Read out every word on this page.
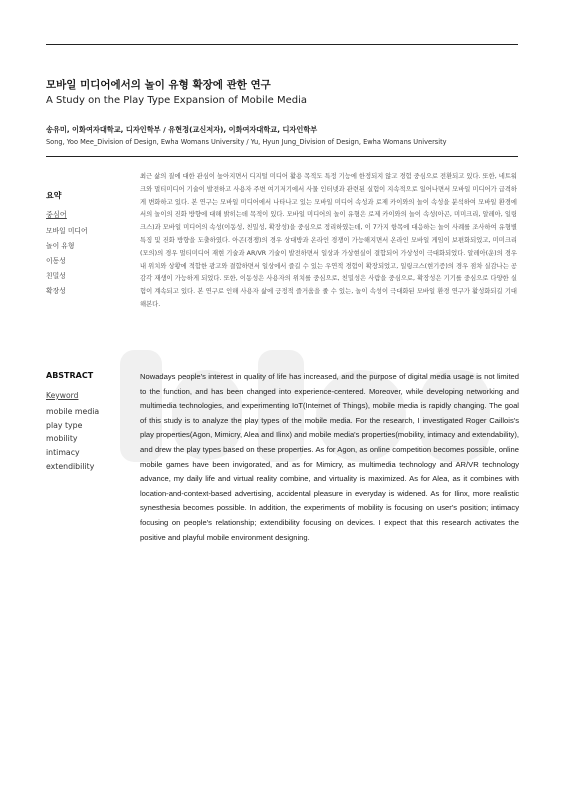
모바일 미디어에서의 놀이 유형 확장에 관한 연구
A Study on the Play Type Expansion of Mobile Media
송유미, 이화여자대학교, 디자인학부 / 유현정(교신저자), 이화여자대학교, 디자인학부
Song, Yoo Mee_Division of Design, Ewha Womans University / Yu, Hyun Jung_Division of Design, Ewha Womans University
요약
중심어
모바일 미디어
놀이 유형
이동성
친밀성
확장성

최근 삶의 질에 대한 관심이 높아지면서 디지털 미디어 활용 목적도 특정 기능에 한정되지 않고 경험 중심으로 전환되고 있다. 또한, 네트워크와 멀티미디어 기술이 발전하고 사용자 주변 여기저기에서 사물 인터넷과 관련된 실험이 지속적으로 일어나면서 모바일 미디어가 급격하게 변화하고 있다. 본 연구는 모바일 미디어에서 나타나고 있는 모바일 미디어 속성과 로제 카이와의 놀이 속성을 분석하여 모바일 환경에서의 놀이의 진화 방향에 대해 밝히는데 목적이 있다. 모바일 미디어의 놀이 유형은 로제 카이와의 놀이 속성(아곤, 미미크리, 알레아, 일링크스)과 모바일 미디어의 속성(이동성, 친밀성, 확장성)을 중심으로 정리하였는데, 이 7가지 항목에 대응하는 놀이 사례를 조사하여 유형별 특징 및 진화 방향을 도출하였다. 아곤(경쟁)의 경우 상대방과 온라인 경쟁이 가능해지면서 온라인 모바일 게임이 보편화되었고, 미미크리(모의)의 경우 멀티미디어 재현 기술과 AR/VR 기술이 발전하면서 일상과 가상현실이 결합되어 가상성이 극대화되었다. 알레아(운)의 경우 내 위치와 상황에 적합한 광고와 결합하면서 일상에서 즐길 수 있는 우연적 경험이 확장되었고, 일링크스(현기증)의 경우 점차 실감나는 공감각 재생이 가능하게 되었다. 또한, 이동성은 사용자의 위치를 중심으로, 친밀성은 사람을 중심으로, 확장성은 기기를 중심으로 다양한 실험이 계속되고 있다. 본 연구로 인해 사용자 삶에 긍정적 즐거움을 줄 수 있는, 놀이 속성이 극대화된 모바일 환경 연구가 활성화되길 기대해본다.

ABSTRACT
Keyword
mobile media
play type
mobility
intimacy
extendibility

Nowadays people's interest in quality of life has increased, and the purpose of digital media usage is not limited to the function, and has been changed into experience-centered. Moreover, while developing networking and multimedia technologies, and experimenting IoT(Internet of Things), mobile media is rapidly changing. The goal of this study is to analyze the play types of the mobile media. For the research, I investigated Roger Caillois's play properties(Agon, Mimicry, Alea and Ilinx) and mobile media's properties(mobility, intimacy and extendability), and drew the play types based on these properties. As for Agon, as online competition becomes possible, online mobile games have been invigorated, and as for Mimicry, as multimedia technology and AR/VR technology advance, my daily life and virtual reality combine, and virtuality is maximized. As for Alea, as it combines with location-and-context-based advertising, accidental pleasure in everyday is widened. As for Ilinx, more realistic synesthesia becomes possible. In addition, the experiments of mobility is focusing on user's position; intimacy focusing on people's relationship; extendibility focusing on devices. I expect that this research activates the positive and playful mobile environment designing.
